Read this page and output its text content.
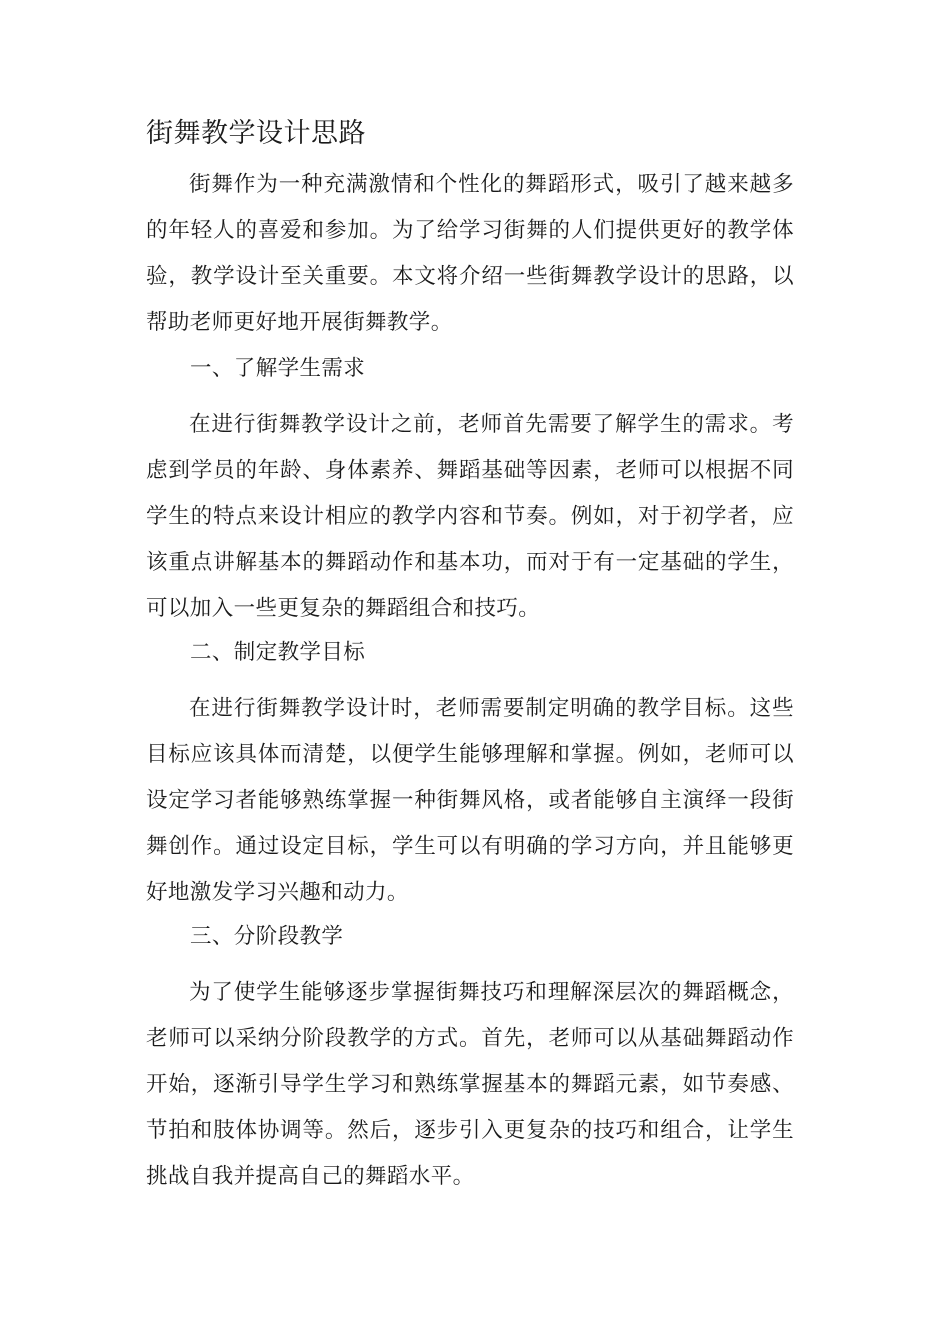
街舞教学设计思路

街舞作为一种充满激情和个性化的舞蹈形式，吸引了越来越多的年轻人的喜爱和参加。为了给学习街舞的人们提供更好的教学体验，教学设计至关重要。本文将介绍一些街舞教学设计的思路，以帮助老师更好地开展街舞教学。

一、了解学生需求

在进行街舞教学设计之前，老师首先需要了解学生的需求。考虑到学员的年龄、身体素养、舞蹈基础等因素，老师可以根据不同学生的特点来设计相应的教学内容和节奏。例如，对于初学者，应该重点讲解基本的舞蹈动作和基本功，而对于有一定基础的学生，可以加入一些更复杂的舞蹈组合和技巧。

二、制定教学目标

在进行街舞教学设计时，老师需要制定明确的教学目标。这些目标应该具体而清楚，以便学生能够理解和掌握。例如，老师可以设定学习者能够熟练掌握一种街舞风格，或者能够自主演绎一段街舞创作。通过设定目标，学生可以有明确的学习方向，并且能够更好地激发学习兴趣和动力。

三、分阶段教学

为了使学生能够逐步掌握街舞技巧和理解深层次的舞蹈概念，老师可以采纳分阶段教学的方式。首先，老师可以从基础舞蹈动作开始，逐渐引导学生学习和熟练掌握基本的舞蹈元素，如节奏感、节拍和肢体协调等。然后，逐步引入更复杂的技巧和组合，让学生挑战自我并提高自己的舞蹈水平。
